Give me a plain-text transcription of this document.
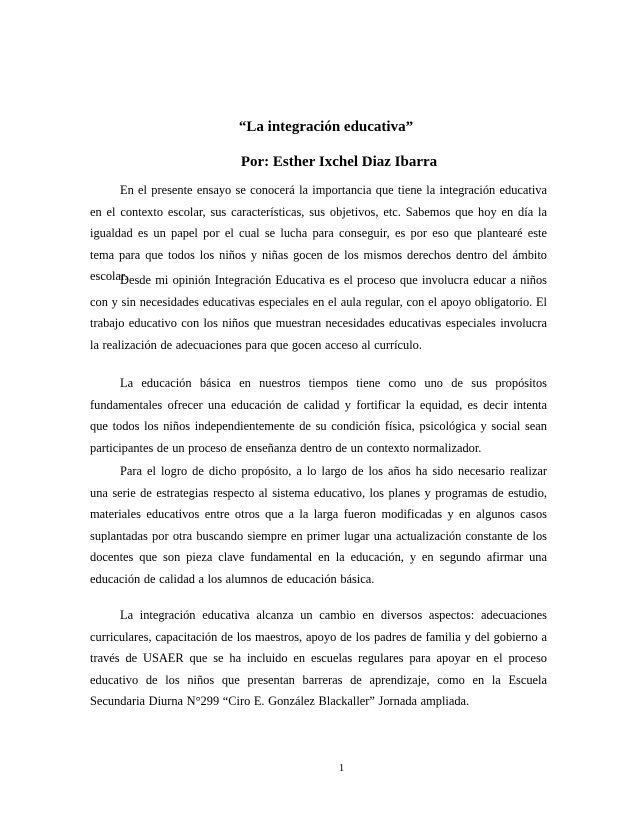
“La integración educativa”
Por: Esther Ixchel Diaz Ibarra

En el presente ensayo se conocerá la importancia que tiene la integración educativa en el contexto escolar, sus características, sus objetivos, etc. Sabemos que hoy en día la igualdad es un papel por el cual se lucha para conseguir, es por eso que plantearé este tema para que todos los niños y niñas gocen de los mismos derechos dentro del ámbito escolar.

Desde mi opinión Integración Educativa es el proceso que involucra educar a niños con y sin necesidades educativas especiales en el aula regular, con el apoyo obligatorio. El trabajo educativo con los niños que muestran necesidades educativas especiales involucra la realización de adecuaciones para que gocen acceso al currículo.

La educación básica en nuestros tiempos tiene como uno de sus propósitos fundamentales ofrecer una educación de calidad y fortificar la equidad, es decir intenta que todos los niños independientemente de su condición física, psicológica y social sean participantes de un proceso de enseñanza dentro de un contexto normalizador.

Para el logro de dicho propósito, a lo largo de los años ha sido necesario realizar una serie de estrategias respecto al sistema educativo, los planes y programas de estudio, materiales educativos entre otros que a la larga fueron modificadas y en algunos casos suplantadas por otra buscando siempre en primer lugar una actualización constante de los docentes que son pieza clave fundamental en la educación, y en segundo afirmar una educación de calidad a los alumnos de educación básica.

La integración educativa alcanza un cambio en diversos aspectos: adecuaciones curriculares, capacitación de los maestros, apoyo de los padres de familia y del gobierno a través de USAER que se ha incluido en escuelas regulares para apoyar en el proceso educativo de los niños que presentan barreras de aprendizaje, como en la Escuela Secundaria Diurna N°299 “Ciro E. González Blackaller” Jornada ampliada.

1
